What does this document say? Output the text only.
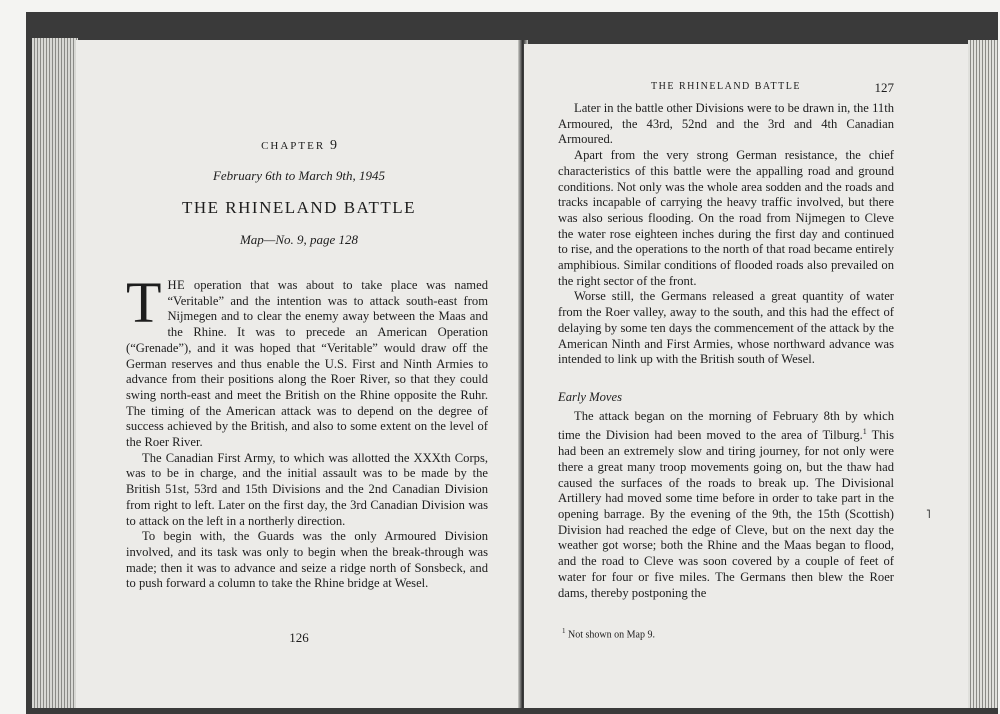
CHAPTER 9
February 6th to March 9th, 1945
THE RHINELAND BATTLE
Map—No. 9, page 128

THE operation that was about to take place was named “Veritable” and the intention was to attack south-east from Nijmegen and to clear the enemy away between the Maas and the Rhine. It was to precede an American Operation (“Grenade”), and it was hoped that “Veritable” would draw off the German reserves and thus enable the U.S. First and Ninth Armies to advance from their positions along the Roer River, so that they could swing north-east and meet the British on the Rhine opposite the Ruhr. The timing of the American attack was to depend on the degree of success achieved by the British, and also to some extent on the level of the Roer River.

The Canadian First Army, to which was allotted the XXXth Corps, was to be in charge, and the initial assault was to be made by the British 51st, 53rd and 15th Divisions and the 2nd Canadian Division from right to left. Later on the first day, the 3rd Canadian Division was to attack on the left in a northerly direction.

To begin with, the Guards was the only Armoured Division involved, and its task was only to begin when the break-through was made; then it was to advance and seize a ridge north of Sonsbeck, and to push forward a column to take the Rhine bridge at Wesel.

126
THE RHINELAND BATTLE	127

Later in the battle other Divisions were to be drawn in, the 11th Armoured, the 43rd, 52nd and the 3rd and 4th Canadian Armoured.

Apart from the very strong German resistance, the chief characteristics of this battle were the appalling road and ground conditions. Not only was the whole area sodden and the roads and tracks incapable of carrying the heavy traffic involved, but there was also serious flooding. On the road from Nijmegen to Cleve the water rose eighteen inches during the first day and continued to rise, and the operations to the north of that road became entirely amphibious. Similar conditions of flooded roads also prevailed on the right sector of the front.

Worse still, the Germans released a great quantity of water from the Roer valley, away to the south, and this had the effect of delaying by some ten days the commencement of the attack by the American Ninth and First Armies, whose northward advance was intended to link up with the British south of Wesel.

Early Moves

The attack began on the morning of February 8th by which time the Division had been moved to the area of Tilburg.$^1$ This had been an extremely slow and tiring journey, for not only were there a great many troop movements going on, but the thaw had caused the surfaces of the roads to break up. The Divisional Artillery had moved some time before in order to take part in the opening barrage. By the evening of the 9th, the 15th (Scottish) Division had reached the edge of Cleve, but on the next day the weather got worse; both the Rhine and the Maas began to flood, and the road to Cleve was soon covered by a couple of feet of water for four or five miles. The Germans then blew the Roer dams, thereby postponing the

$^1$ Not shown on Map 9.
˥
